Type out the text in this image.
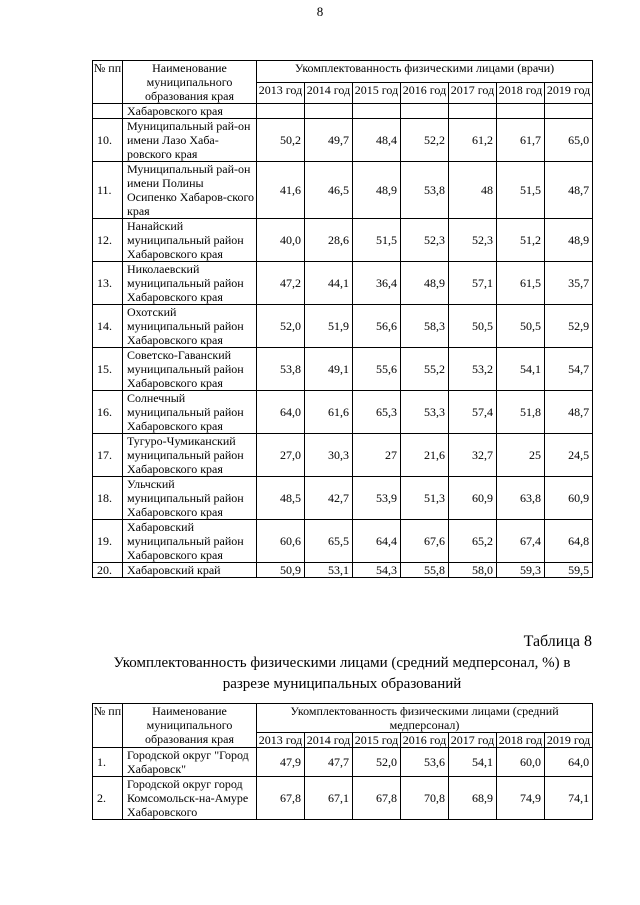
8
№ пп	Наименование муниципального образования края	Укомплектованность физическими лицами (врачи)						
		2013 год	2014 год	2015 год	2016 год	2017 год	2018 год	2019 год
	Хабаровского края							
10.	Муниципальный рай-он имени Лазо Хаба-ровского края	50,2	49,7	48,4	52,2	61,2	61,7	65,0
11.	Муниципальный рай-он имени Полины Осипенко Хабаров-ского края	41,6	46,5	48,9	53,8	48	51,5	48,7
12.	Нанайский муниципальный район Хабаровского края	40,0	28,6	51,5	52,3	52,3	51,2	48,9
13.	Николаевский муниципальный район Хабаровского края	47,2	44,1	36,4	48,9	57,1	61,5	35,7
14.	Охотский муниципальный район Хабаровского края	52,0	51,9	56,6	58,3	50,5	50,5	52,9
15.	Советско-Гаванский муниципальный район Хабаровского края	53,8	49,1	55,6	55,2	53,2	54,1	54,7
16.	Солнечный муниципальный район Хабаровского края	64,0	61,6	65,3	53,3	57,4	51,8	48,7
17.	Тугуро-Чумиканский муниципальный район Хабаровского края	27,0	30,3	27	21,6	32,7	25	24,5
18.	Ульчский муниципальный район Хабаровского края	48,5	42,7	53,9	51,3	60,9	63,8	60,9
19.	Хабаровский муниципальный район Хабаровского края	60,6	65,5	64,4	67,6	65,2	67,4	64,8
20.	Хабаровский край	50,9	53,1	54,3	55,8	58,0	59,3	59,5
Таблица 8
Укомплектованность физическими лицами (средний медперсонал, %) в разрезе муниципальных образований
№ пп	Наименование муниципального образования края	Укомплектованность физическими лицами (средний медперсонал)						
		2013 год	2014 год	2015 год	2016 год	2017 год	2018 год	2019 год
1.	Городской округ "Город Хабаровск"	47,9	47,7	52,0	53,6	54,1	60,0	64,0
2.	Городской округ город Комсомольск-на-Амуре Хабаровского	67,8	67,1	67,8	70,8	68,9	74,9	74,1
